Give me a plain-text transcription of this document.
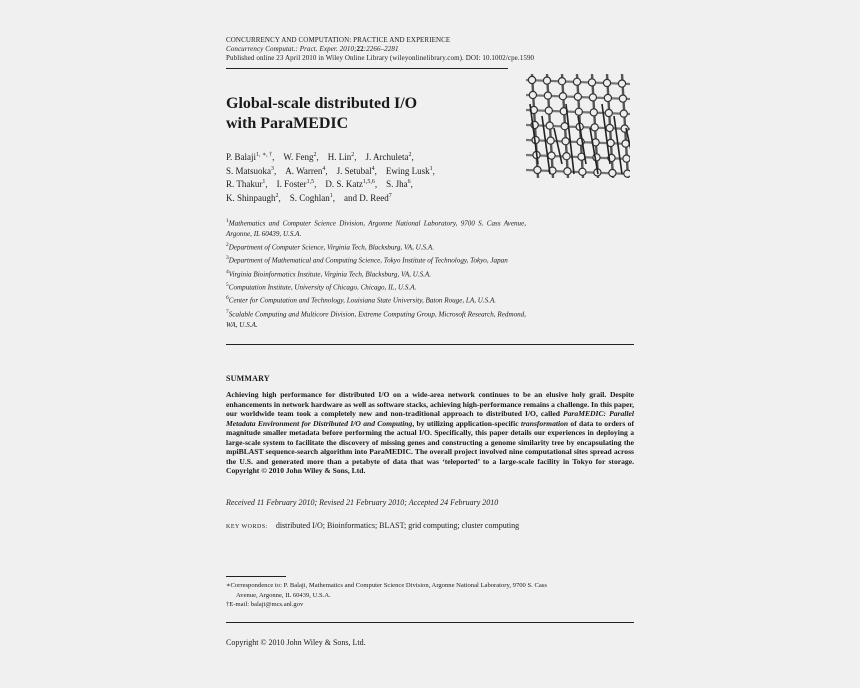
CONCURRENCY AND COMPUTATION: PRACTICE AND EXPERIENCE
Concurrency Computat.: Pract. Exper. 2010;22:2266–2281
Published online 23 April 2010 in Wiley Online Library (wileyonlinelibrary.com). DOI: 10.1002/cpe.1590
Global-scale distributed I/O
with ParaMEDIC
P. Balaji$^{1, ∗, \dagger}$, W. Feng$^2$, H. Lin$^2$, J. Archuleta$^2$,
S. Matsuoka$^3$, A. Warren$^4$, J. Setubal$^4$, Ewing Lusk$^1$,
R. Thakur$^1$, I. Foster$^{1,5}$, D. S. Katz$^{1,5,6}$, S. Jha$^6$,
K. Shinpaugh$^2$, S. Coghlan$^1$, and D. Reed$^7$
$^1$Mathematics and Computer Science Division, Argonne National Laboratory, 9700 S. Cass Avenue, Argonne, IL 60439, U.S.A.
$^2$Department of Computer Science, Virginia Tech, Blacksburg, VA, U.S.A.
$^3$Department of Mathematical and Computing Science, Tokyo Institute of Technology, Tokyo, Japan
$^4$Virginia Bioinformatics Institute, Virginia Tech, Blacksburg, VA, U.S.A.
$^5$Computation Institute, University of Chicago, Chicago, IL, U.S.A.
$^6$Center for Computation and Technology, Louisiana State University, Baton Rouge, LA, U.S.A.
$^7$Scalable Computing and Multicore Division, Extreme Computing Group, Microsoft Research, Redmond, WA, U.S.A.
SUMMARY
Achieving high performance for distributed I/O on a wide-area network continues to be an elusive holy grail. Despite enhancements in network hardware as well as software stacks, achieving high-performance remains a challenge. In this paper, our worldwide team took a completely new and non-traditional approach to distributed I/O, called ParaMEDIC: Parallel Metadata Environment for Distributed I/O and Computing, by utilizing application-specific transformation of data to orders of magnitude smaller metadata before performing the actual I/O. Specifically, this paper details our experiences in deploying a large-scale system to facilitate the discovery of missing genes and constructing a genome similarity tree by encapsulating the mpiBLAST sequence-search algorithm into ParaMEDIC. The overall project involved nine computational sites spread across the U.S. and generated more than a petabyte of data that was ‘teleported’ to a large-scale facility in Tokyo for storage. Copyright © 2010 John Wiley & Sons, Ltd.
Received 11 February 2010; Revised 21 February 2010; Accepted 24 February 2010
KEY WORDS: distributed I/O; Bioinformatics; BLAST; grid computing; cluster computing
∗Correspondence to: P. Balaji, Mathematics and Computer Science Division, Argonne National Laboratory, 9700 S. Cass
Avenue, Argonne, IL 60439, U.S.A.
†E-mail: balaji@mcs.anl.gov
Copyright © 2010 John Wiley & Sons, Ltd.
